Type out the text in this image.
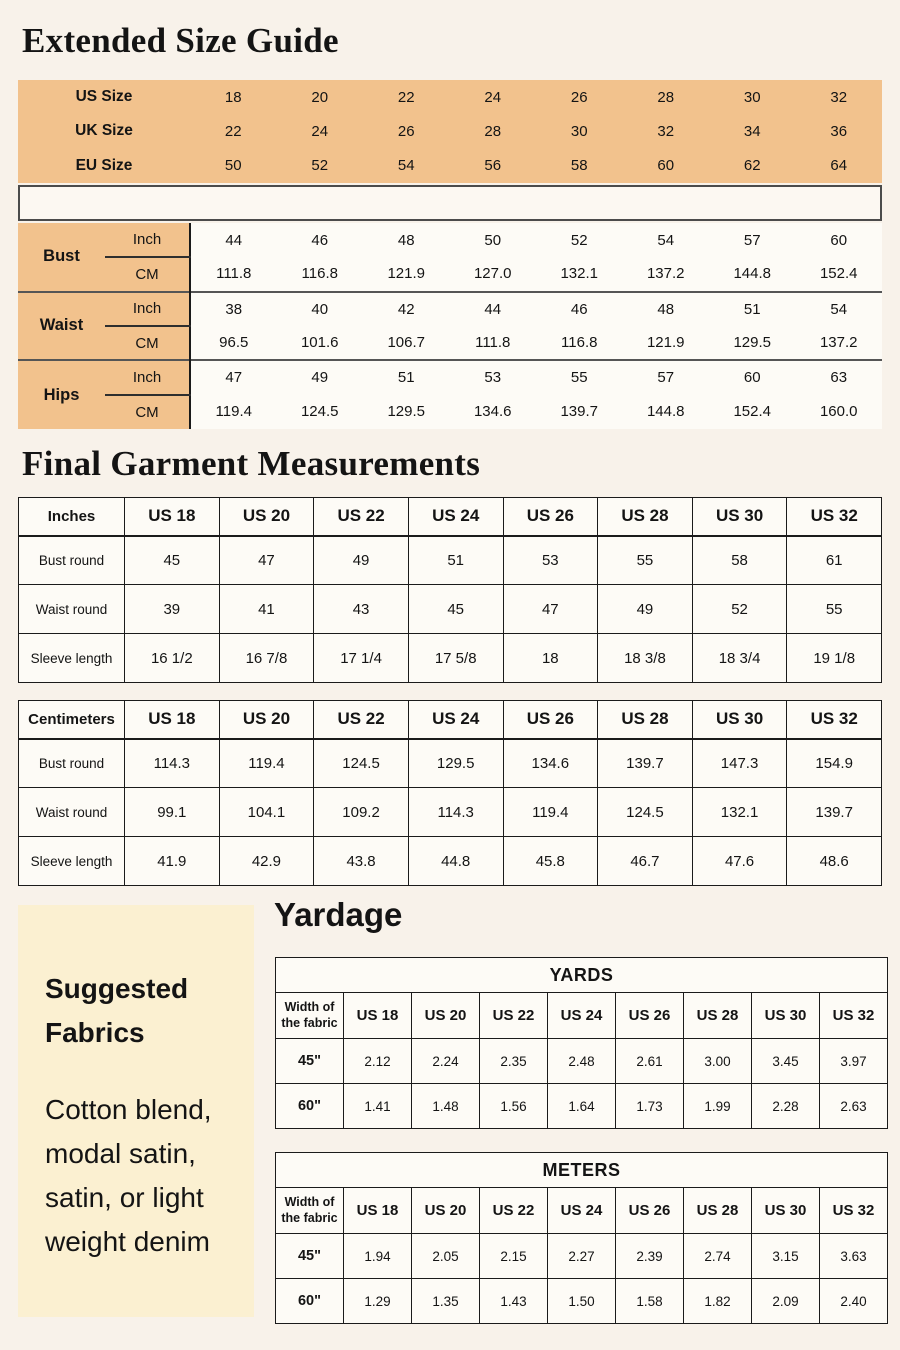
Extended Size Guide
US Size	18	20	22	24	26	28	30	32
UK Size	22	24	26	28	30	32	34	36
EU Size	50	52	54	56	58	60	62	64
Bust	Inch	44	46	48	50	52	54	57	60
	CM	111.8	116.8	121.9	127.0	132.1	137.2	144.8	152.4
Waist	Inch	38	40	42	44	46	48	51	54
	CM	96.5	101.6	106.7	111.8	116.8	121.9	129.5	137.2
Hips	Inch	47	49	51	53	55	57	60	63
	CM	119.4	124.5	129.5	134.6	139.7	144.8	152.4	160.0
Final Garment Measurements
Inches	US 18	US 20	US 22	US 24	US 26	US 28	US 30	US 32
Bust round	45	47	49	51	53	55	58	61
Waist round	39	41	43	45	47	49	52	55
Sleeve length	16 1/2	16 7/8	17 1/4	17 5/8	18	18 3/8	18 3/4	19 1/8
Centimeters	US 18	US 20	US 22	US 24	US 26	US 28	US 30	US 32
Bust round	114.3	119.4	124.5	129.5	134.6	139.7	147.3	154.9
Waist round	99.1	104.1	109.2	114.3	119.4	124.5	132.1	139.7
Sleeve length	41.9	42.9	43.8	44.8	45.8	46.7	47.6	48.6
Suggested
Fabrics
Cotton blend,
modal satin,
satin, or light
weight denim
Yardage
YARDS								
Width of the fabric	US 18	US 20	US 22	US 24	US 26	US 28	US 30	US 32
45"	2.12	2.24	2.35	2.48	2.61	3.00	3.45	3.97
60"	1.41	1.48	1.56	1.64	1.73	1.99	2.28	2.63
METERS								
Width of the fabric	US 18	US 20	US 22	US 24	US 26	US 28	US 30	US 32
45"	1.94	2.05	2.15	2.27	2.39	2.74	3.15	3.63
60"	1.29	1.35	1.43	1.50	1.58	1.82	2.09	2.40
